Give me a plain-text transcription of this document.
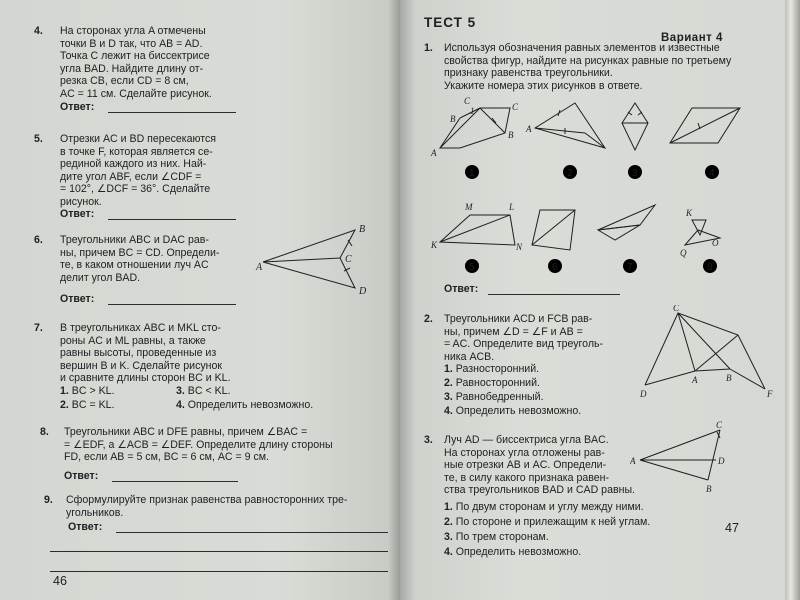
4. На сторонах угла A отмечены
точки B и D так, что AB = AD.
Точка C лежит на биссектрисе
угла BAD. Найдите длину от-
резка CB, если CD = 8 см,
AC = 11 см. Сделайте рисунок.
Ответ:
5. Отрезки AC и BD пересекаются
в точке F, которая является се-
рединой каждого из них. Най-
дите угол ABF, если ∠CDF =
= 102°, ∠DCF = 36°. Сделайте
рисунок.
Ответ:
6. Треугольники ABC и DAC рав-
ны, причем BC = CD. Определи-
те, в каком отношении луч AC
делит угол BAD.
A
B
C
D
Ответ:
7. В треугольниках ABC и MKL сто-
роны AC и ML равны, а также
равны высоты, проведенные из
вершин B и K. Сделайте рисунок
и сравните длины сторон BC и KL.
1. BC > KL.
2. BC = KL.
3. BC < KL.
4. Определить невозможно.
8. Треугольники ABC и DFE равны, причем ∠BAC =
= ∠EDF, а ∠ACB = ∠DEF. Определите длину стороны
FD, если AB = 5 см, BC = 6 см, AC = 9 см.
Ответ:
9. Сформулируйте признак равенства равносторонних тре-
угольников.
Ответ:
46
ТЕСТ 5
Вариант 4
1. Используя обозначения равных элементов и известные
свойства фигур, найдите на рисунках равные по третьему признаку равенства треугольники.
Укажите номера этих рисунков в ответе.
C
1
B
A
C
B
A
1	2	3	4
M	L
K	N
K
Q
O
5	6	7	8
Ответ:
2. Треугольники ACD и FCB рав-
ны, причем ∠D = ∠F и AB =
= AC. Определите вид треуголь-
ника ACB.
1. Разносторонний.
2. Равносторонний.
3. Равнобедренный.
4. Определить невозможно.
C
A	B
D	F
3. Луч AD — биссектриса угла BAC.
На сторонах угла отложены рав-
ные отрезки AB и AC. Определи-
те, в силу какого признака равен-
ства треугольников BAD и CAD равны.
1. По двум сторонам и углу между ними.
2. По стороне и прилежащим к ней углам.
3. По трем сторонам.
4. Определить невозможно.
A
C
D
B
47
